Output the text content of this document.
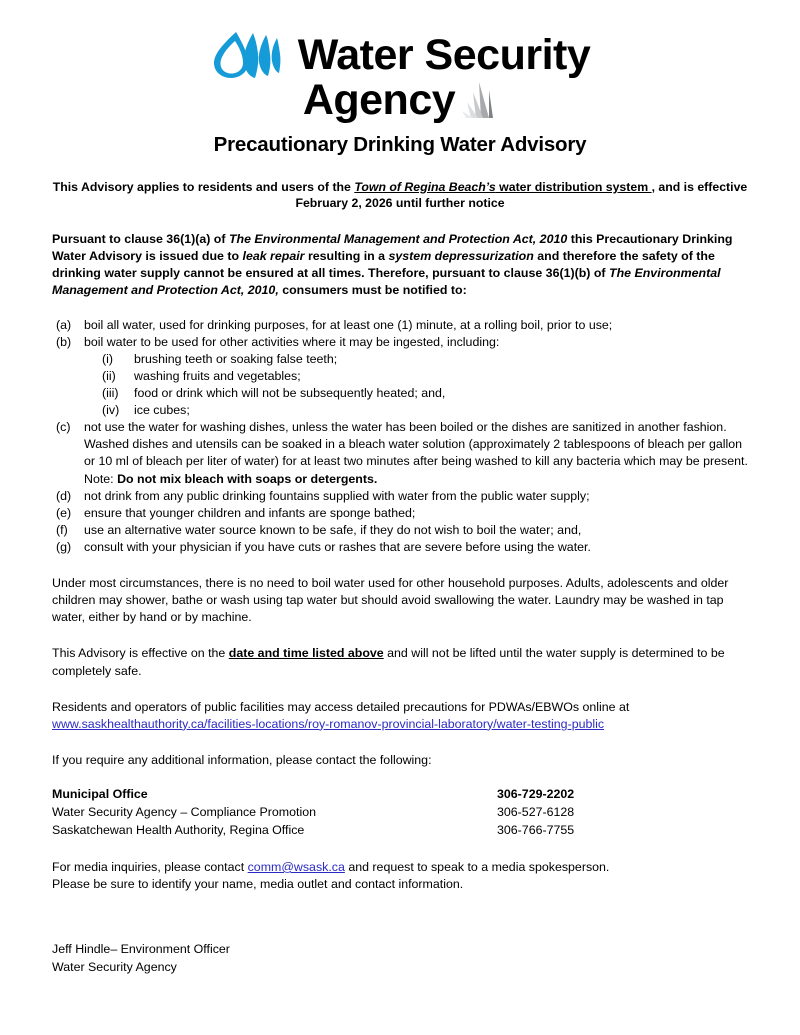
Water Security
Agency
Precautionary Drinking Water Advisory
This Advisory applies to residents and users of the Town of Regina Beach’s water distribution system , and is effective February 2, 2026 until further notice
Pursuant to clause 36(1)(a) of The Environmental Management and Protection Act, 2010 this Precautionary Drinking Water Advisory is issued due to leak repair resulting in a system depressurization and therefore the safety of the drinking water supply cannot be ensured at all times. Therefore, pursuant to clause 36(1)(b) of The Environmental Management and Protection Act, 2010, consumers must be notified to:
(a)	boil all water, used for drinking purposes, for at least one (1) minute, at a rolling boil, prior to use;
(b)	boil water to be used for other activities where it may be ingested, including:
(i)	brushing teeth or soaking false teeth;
(ii)	washing fruits and vegetables;
(iii)	food or drink which will not be subsequently heated; and,
(iv)	ice cubes;
(c)	not use the water for washing dishes, unless the water has been boiled or the dishes are sanitized in another fashion. Washed dishes and utensils can be soaked in a bleach water solution (approximately 2 tablespoons of bleach per gallon or 10 ml of bleach per liter of water) for at least two minutes after being washed to kill any bacteria which may be present.
Note: Do not mix bleach with soaps or detergents.
(d)	not drink from any public drinking fountains supplied with water from the public water supply;
(e)	ensure that younger children and infants are sponge bathed;
(f)	use an alternative water source known to be safe, if they do not wish to boil the water; and,
(g)	consult with your physician if you have cuts or rashes that are severe before using the water.
Under most circumstances, there is no need to boil water used for other household purposes. Adults, adolescents and older children may shower, bathe or wash using tap water but should avoid swallowing the water. Laundry may be washed in tap water, either by hand or by machine.
This Advisory is effective on the date and time listed above and will not be lifted until the water supply is determined to be completely safe.
Residents and operators of public facilities may access detailed precautions for PDWAs/EBWOs online at
www.saskhealthauthority.ca/facilities-locations/roy-romanov-provincial-laboratory/water-testing-public
If you require any additional information, please contact the following:
Municipal Office	306-729-2202
Water Security Agency – Compliance Promotion	306-527-6128
Saskatchewan Health Authority, Regina Office	306-766-7755
For media inquiries, please contact comm@wsask.ca and request to speak to a media spokesperson.
Please be sure to identify your name, media outlet and contact information.
Jeff Hindle– Environment Officer
Water Security Agency
